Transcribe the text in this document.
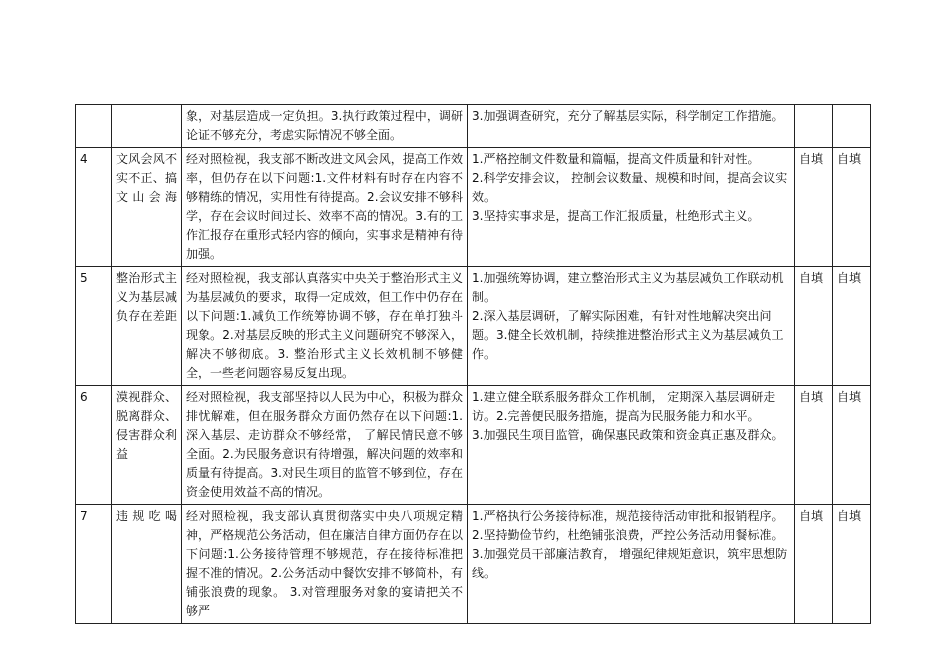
		象，对基层造成一定负担。3.执行政策过程中，调研论证不够充分，考虑实际情况不够全面。	3.加强调查研究，充分了解基层实际，科学制定工作措施。		

4	文风会风不实不正、搞文山会海	经对照检视，我支部不断改进文风会风，提高工作效率，但仍存在以下问题:1.文件材料有时存在内容不够精练的情况，实用性有待提高。2.会议安排不够科学，存在会议时间过长、效率不高的情况。3.有的工作汇报存在重形式轻内容的倾向，实事求是精神有待加强。	1.严格控制文件数量和篇幅，提高文件质量和针对性。
2.科学安排会议， 控制会议数量、规模和时间，提高会议实效。
3.坚持实事求是，提高工作汇报质量，杜绝形式主义。	自填	自填
5	整治形式主义为基层减负存在差距	经对照检视，我支部认真落实中央关于整治形式主义为基层减负的要求，取得一定成效，但工作中仍存在以下问题:1.减负工作统筹协调不够，存在单打独斗现象。2.对基层反映的形式主义问题研究不够深入，解决不够彻底。3. 整治形式主义长效机制不够健全，一些老问题容易反复出现。	1.加强统筹协调，建立整治形式主义为基层减负工作联动机制。
2.深入基层调研，了解实际困难，有针对性地解决突出问题。3.健全长效机制，持续推进整治形式主义为基层减负工作。	自填	自填
6	漠视群众、脱离群众、侵害群众利益	经对照检视，我支部坚持以人民为中心，积极为群众排忧解难，但在服务群众方面仍然存在以下问题:1.深入基层、走访群众不够经常， 了解民情民意不够全面。2.为民服务意识有待增强，解决问题的效率和质量有待提高。3.对民生项目的监管不够到位，存在资金使用效益不高的情况。	1.建立健全联系服务群众工作机制， 定期深入基层调研走访。2.完善便民服务措施，提高为民服务能力和水平。
3.加强民生项目监管，确保惠民政策和资金真正惠及群众。	自填	自填
7	违规吃喝	经对照检视，我支部认真贯彻落实中央八项规定精神，严格规范公务活动，但在廉洁自律方面仍存在以下问题:1.公务接待管理不够规范，存在接待标准把握不准的情况。2.公务活动中餐饮安排不够简朴，有铺张浪费的现象。 3.对管理服务对象的宴请把关不够严	1.严格执行公务接待标准，规范接待活动审批和报销程序。
2.坚持勤俭节约，杜绝铺张浪费，严控公务活动用餐标准。
3.加强党员干部廉洁教育， 增强纪律规矩意识，筑牢思想防线。	自填	自填
